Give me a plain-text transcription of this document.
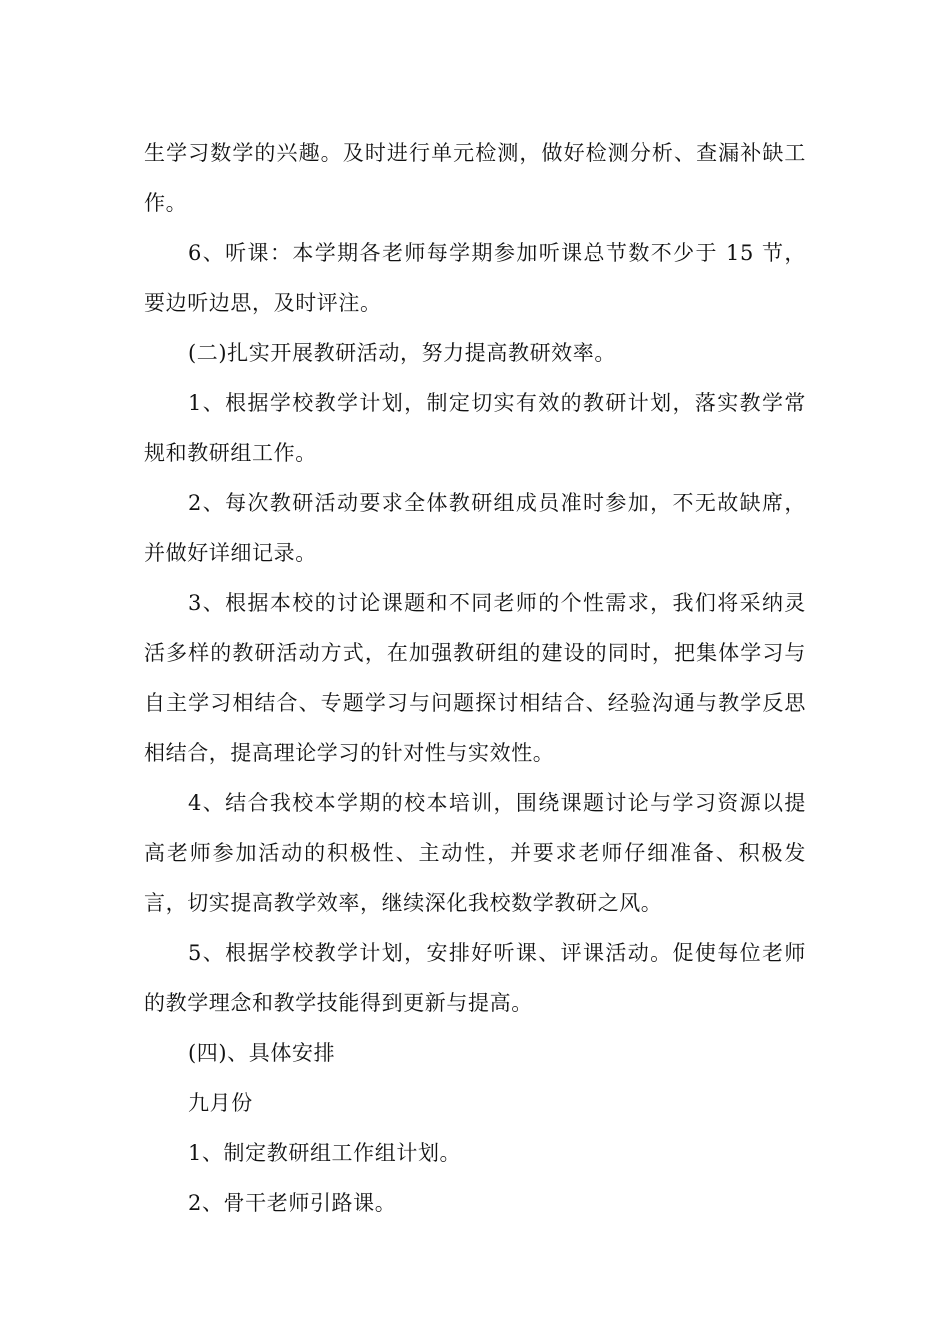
生学习数学的兴趣。及时进行单元检测，做好检测分析、查漏补缺工作。

6、听课：本学期各老师每学期参加听课总节数不少于 15 节，要边听边思，及时评注。

(二)扎实开展教研活动，努力提高教研效率。

1、根据学校教学计划，制定切实有效的教研计划，落实教学常规和教研组工作。

2、每次教研活动要求全体教研组成员准时参加，不无故缺席，并做好详细记录。

3、根据本校的讨论课题和不同老师的个性需求，我们将采纳灵活多样的教研活动方式，在加强教研组的建设的同时，把集体学习与自主学习相结合、专题学习与问题探讨相结合、经验沟通与教学反思相结合，提高理论学习的针对性与实效性。

4、结合我校本学期的校本培训，围绕课题讨论与学习资源以提高老师参加活动的积极性、主动性，并要求老师仔细准备、积极发言，切实提高教学效率，继续深化我校数学教研之风。

5、根据学校教学计划，安排好听课、评课活动。促使每位老师的教学理念和教学技能得到更新与提高。

(四)、具体安排

九月份

1、制定教研组工作组计划。

2、骨干老师引路课。
